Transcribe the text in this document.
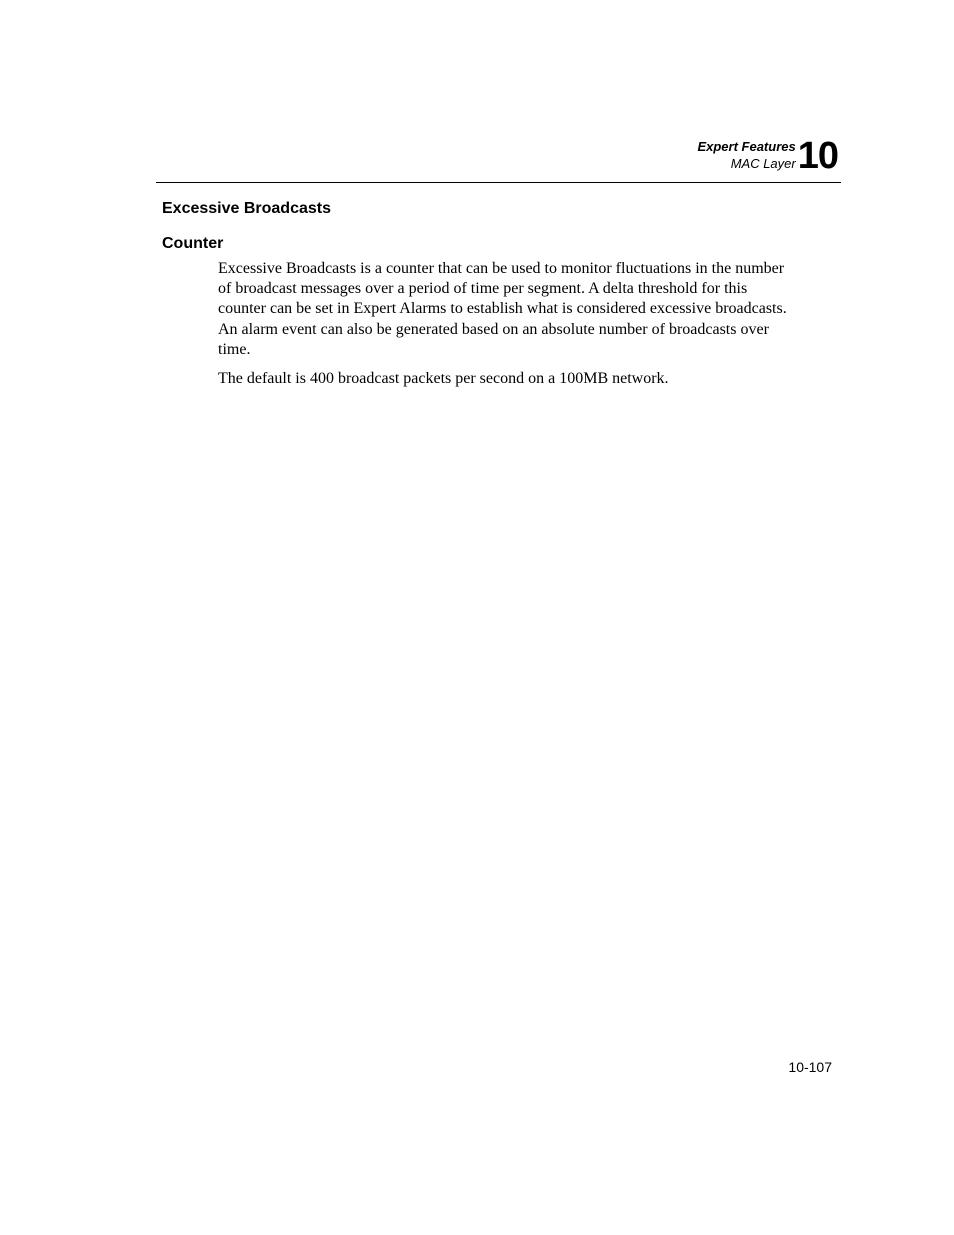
Expert Features
MAC Layer 10
Excessive Broadcasts
Counter

Excessive Broadcasts is a counter that can be used to monitor fluctuations in the number of broadcast messages over a period of time per segment. A delta threshold for this counter can be set in Expert Alarms to establish what is considered excessive broadcasts. An alarm event can also be generated based on an absolute number of broadcasts over time.

The default is 400 broadcast packets per second on a 100MB network.

10-107
